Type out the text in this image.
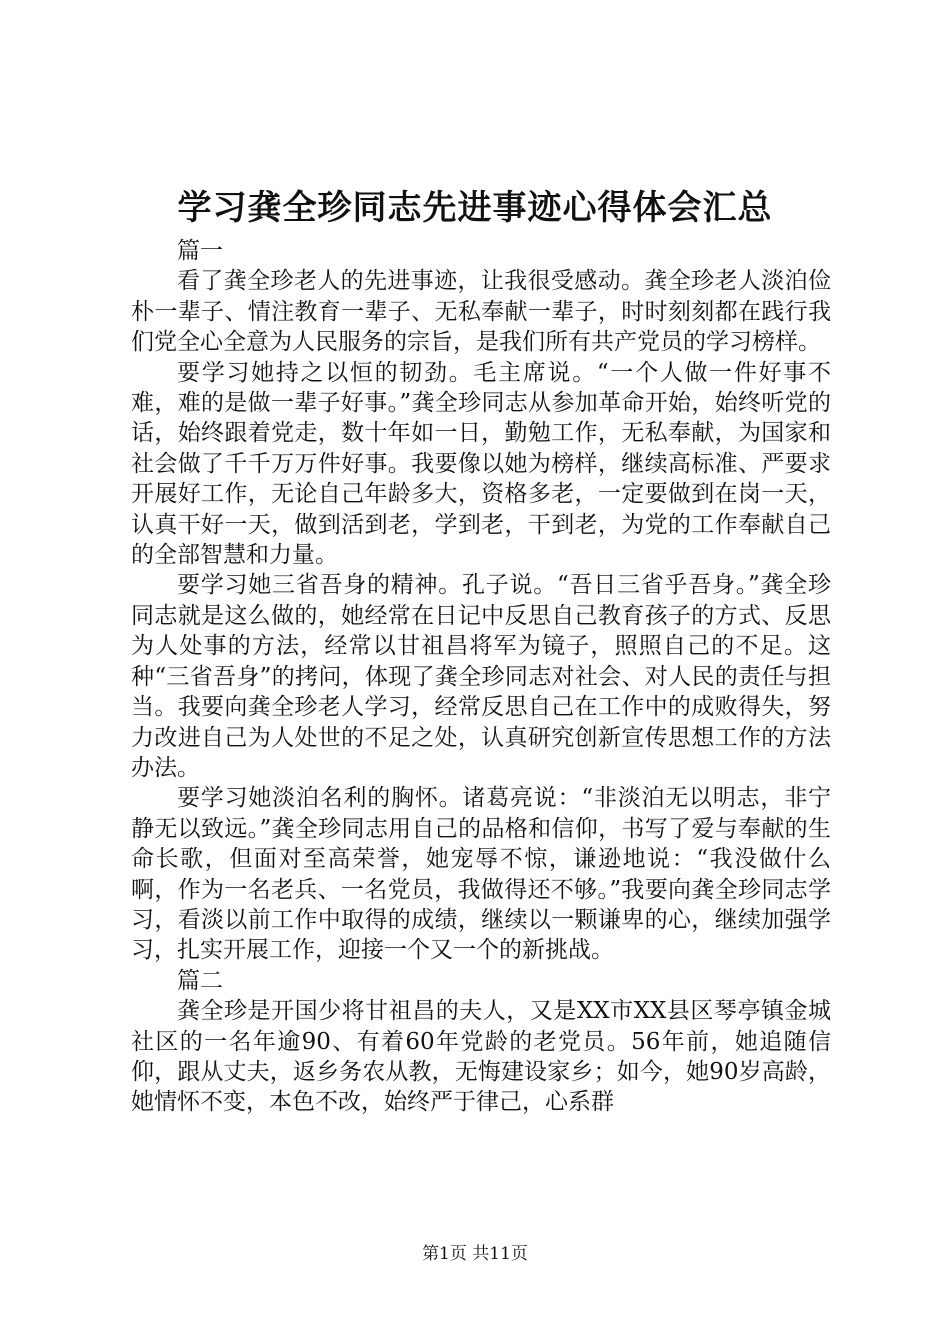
学习龚全珍同志先进事迹心得体会汇总

篇一

看了龚全珍老人的先进事迹，让我很受感动。龚全珍老人淡泊俭朴一辈子、情注教育一辈子、无私奉献一辈子，时时刻刻都在践行我们党全心全意为人民服务的宗旨，是我们所有共产党员的学习榜样。

要学习她持之以恒的韧劲。毛主席说。“一个人做一件好事不难，难的是做一辈子好事。”龚全珍同志从参加革命开始，始终听党的话，始终跟着党走，数十年如一日，勤勉工作，无私奉献，为国家和社会做了千千万万件好事。我要像以她为榜样，继续高标准、严要求开展好工作，无论自己年龄多大，资格多老，一定要做到在岗一天，认真干好一天，做到活到老，学到老，干到老，为党的工作奉献自己的全部智慧和力量。

要学习她三省吾身的精神。孔子说。“吾日三省乎吾身。”龚全珍同志就是这么做的，她经常在日记中反思自己教育孩子的方式、反思为人处事的方法，经常以甘祖昌将军为镜子，照照自己的不足。这种“三省吾身”的拷问，体现了龚全珍同志对社会、对人民的责任与担当。我要向龚全珍老人学习，经常反思自己在工作中的成败得失，努力改进自己为人处世的不足之处，认真研究创新宣传思想工作的方法办法。

要学习她淡泊名利的胸怀。诸葛亮说：“非淡泊无以明志，非宁静无以致远。”龚全珍同志用自己的品格和信仰，书写了爱与奉献的生命长歌，但面对至高荣誉，她宠辱不惊，谦逊地说：“我没做什么啊，作为一名老兵、一名党员，我做得还不够。”我要向龚全珍同志学习，看淡以前工作中取得的成绩，继续以一颗谦卑的心，继续加强学习，扎实开展工作，迎接一个又一个的新挑战。

篇二

龚全珍是开国少将甘祖昌的夫人，又是XX市XX县区琴亭镇金城社区的一名年逾90、有着60年党龄的老党员。56年前，她追随信仰，跟从丈夫，返乡务农从教，无悔建设家乡；如今，她90岁高龄，她情怀不变，本色不改，始终严于律己，心系群

第1页 共11页
